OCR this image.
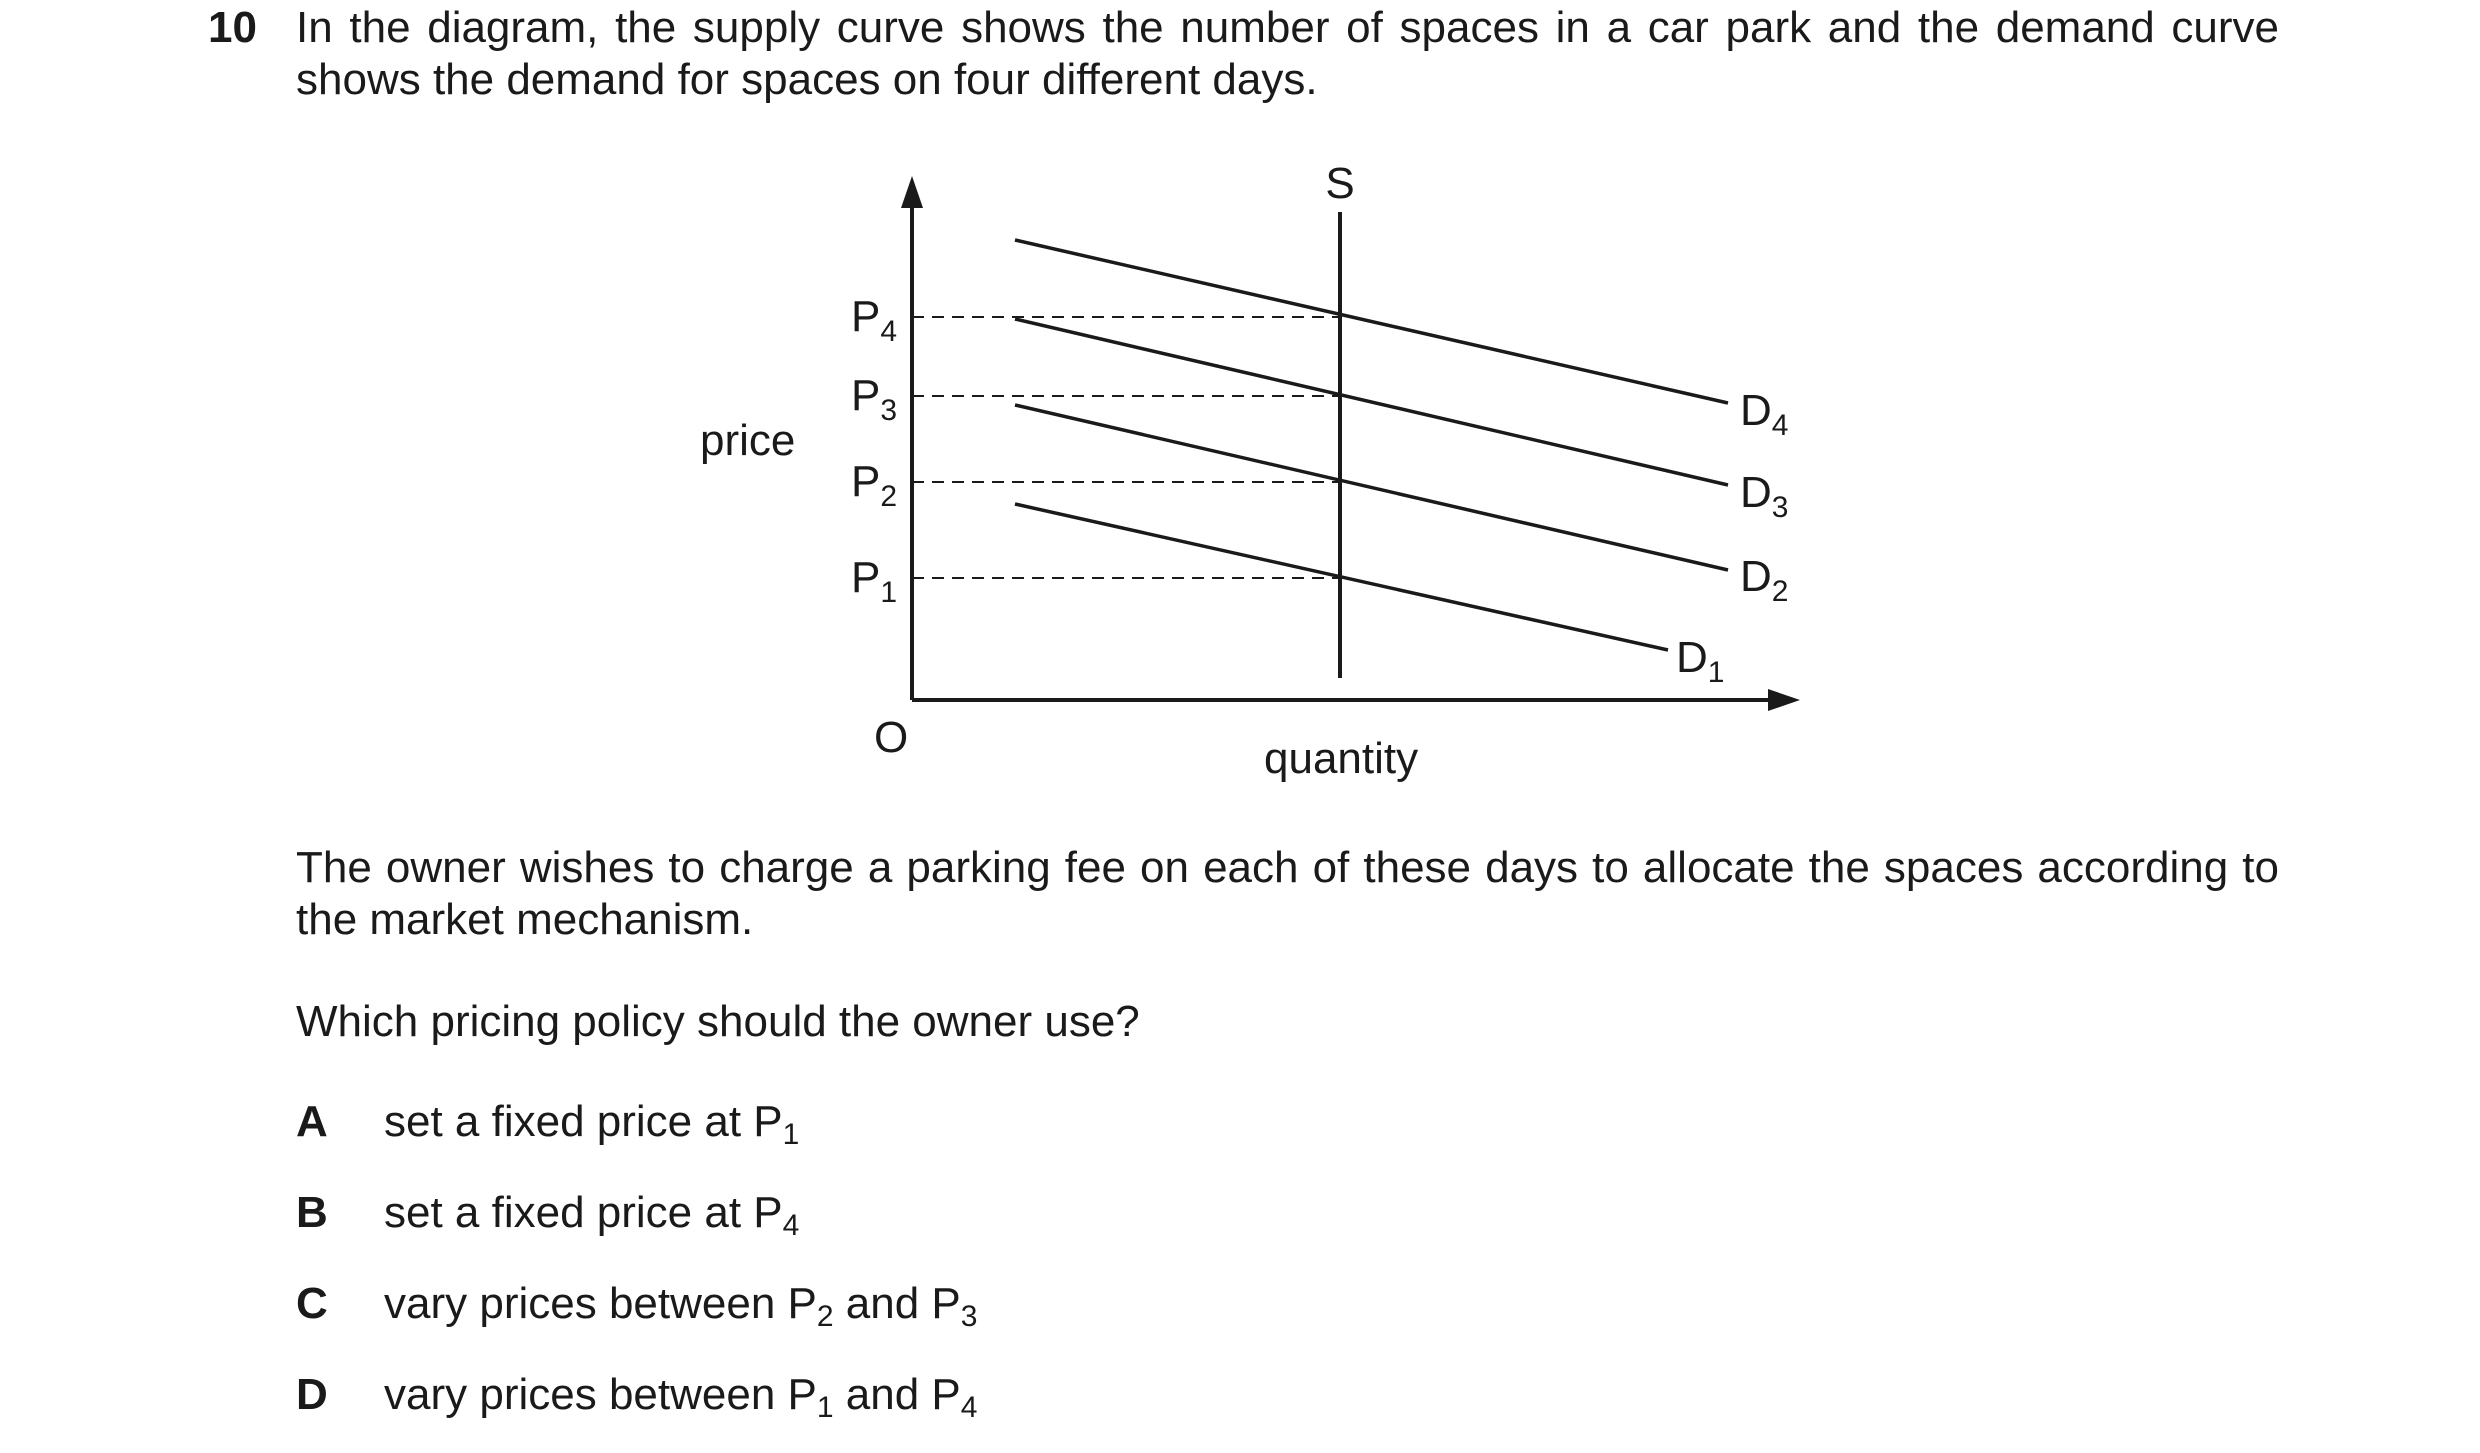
10 In the diagram, the supply curve shows the number of spaces in a car park and the demand curve shows the demand for spaces on four different days.

S
price
quantity
O
$P_4$
$P_3$
$P_2$
$P_1$
$D_4$
$D_3$
$D_2$
$D_1$

The owner wishes to charge a parking fee on each of these days to allocate the spaces according to the market mechanism.

Which pricing policy should the owner use?

A set a fixed price at $P_1$
B set a fixed price at $P_4$
C vary prices between $P_2$ and $P_3$
D vary prices between $P_1$ and $P_4$
